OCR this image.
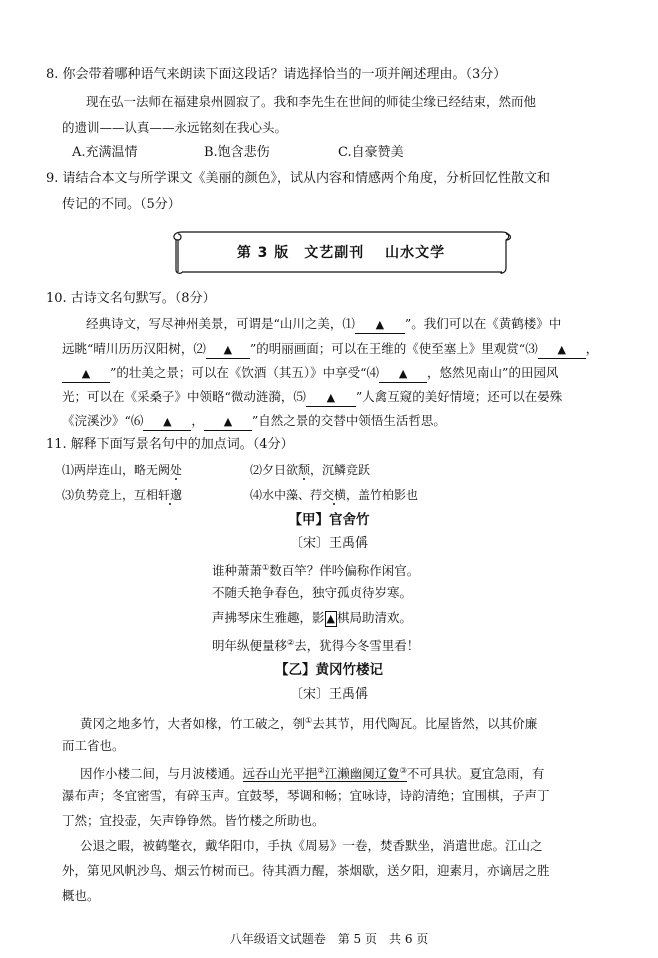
8. 你会带着哪种语气来朗读下面这段话？请选择恰当的一项并阐述理由。（3分）
现在弘一法师在福建泉州圆寂了。我和李先生在世间的师徒尘缘已经结束，然而他
的遗训——认真——永远铭刻在我心头。
A.充满温情	B.饱含悲伤	C.自豪赞美
9. 请结合本文与所学课文《美丽的颜色》，试从内容和情感两个角度，分析回忆性散文和
传记的不同。（5分）
第 3 版　文艺副刊　 山水文学
10. 古诗文名句默写。（8分）
经典诗文，写尽神州美景，可谓是“山川之美，⑴ ▲ ”。我们可以在《黄鹤楼》中
远眺“晴川历历汉阳树，⑵ ▲ ”的明丽画面；可以在王维的《使至塞上》里观赏“⑶ ▲ ，
▲ ”的壮美之景；可以在《饮酒（其五）》中享受“⑷ ▲ ，悠然见南山”的田园风
光；可以在《采桑子》中领略“微动涟漪，⑸ ▲ ”人禽互窥的美好情境；还可以在晏殊
《浣溪沙》“⑹ ▲ ， ▲ ”自然之景的交替中领悟生活哲思。
11. 解释下面写景名句中的加点词。（4分）
⑴两岸连山，略无阙处	⑵夕日欲颓，沉鳞竞跃
⑶负势竞上，互相轩邈	⑷水中藻、荇交横，盖竹柏影也
【甲】官舍竹
〔宋〕王禹偁
谁种萧萧①数百竿？伴吟偏称作闲官。
不随夭艳争春色，独守孤贞待岁寒。
声拂琴床生雅趣，影 ▲ 棋局助清欢。
明年纵便量移②去，犹得今冬雪里看！
【乙】黄冈竹楼记
〔宋〕王禹偁
黄冈之地多竹，大者如椽，竹工破之，刳①去其节，用代陶瓦。比屋皆然，以其价廉
而工省也。
因作小楼二间，与月波楼通。远吞山光平挹②江濑幽阒辽夐③不可具状。夏宜急雨，有
瀑布声；冬宜密雪，有碎玉声。宜鼓琴，琴调和畅；宜咏诗，诗韵清绝；宜围棋，子声丁
丁然；宜投壶，矢声铮铮然。皆竹楼之所助也。
公退之暇，被鹤氅衣，戴华阳巾，手执《周易》一卷，焚香默坐，消遣世虑。江山之
外，第见风帆沙鸟、烟云竹树而已。待其酒力醒，茶烟歇，送夕阳，迎素月，亦谪居之胜
概也。
八年级语文试题卷　第 5 页　共 6 页
